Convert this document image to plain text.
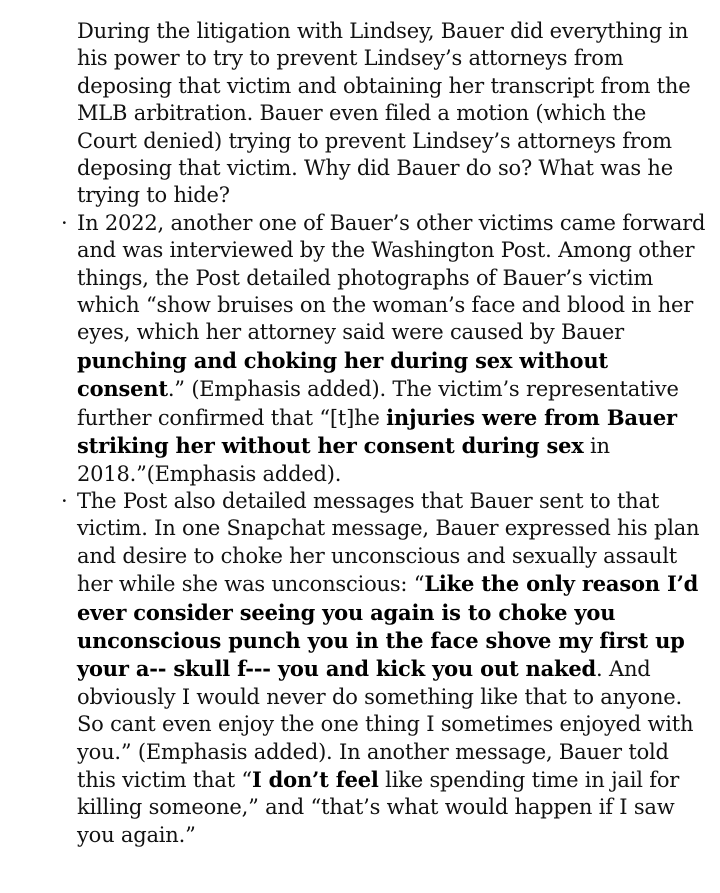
During the litigation with Lindsey, Bauer did everything in his power to try to prevent Lindsey’s attorneys from deposing that victim and obtaining her transcript from the MLB arbitration. Bauer even filed a motion (which the Court denied) trying to prevent Lindsey’s attorneys from deposing that victim. Why did Bauer do so? What was he trying to hide?

· In 2022, another one of Bauer’s other victims came forward and was interviewed by the Washington Post. Among other things, the Post detailed photographs of Bauer’s victim which “show bruises on the woman’s face and blood in her eyes, which her attorney said were caused by Bauer punching and choking her during sex without consent.” (Emphasis added). The victim’s representative further confirmed that “[t]he injuries were from Bauer striking her without her consent during sex in 2018.”(Emphasis added).

· The Post also detailed messages that Bauer sent to that victim. In one Snapchat message, Bauer expressed his plan and desire to choke her unconscious and sexually assault her while she was unconscious: “Like the only reason I’d ever consider seeing you again is to choke you unconscious punch you in the face shove my first up your a-- skull f--- you and kick you out naked. And obviously I would never do something like that to anyone. So cant even enjoy the one thing I sometimes enjoyed with you.” (Emphasis added). In another message, Bauer told this victim that “I don’t feel like spending time in jail for killing someone,” and “that’s what would happen if I saw you again.”
